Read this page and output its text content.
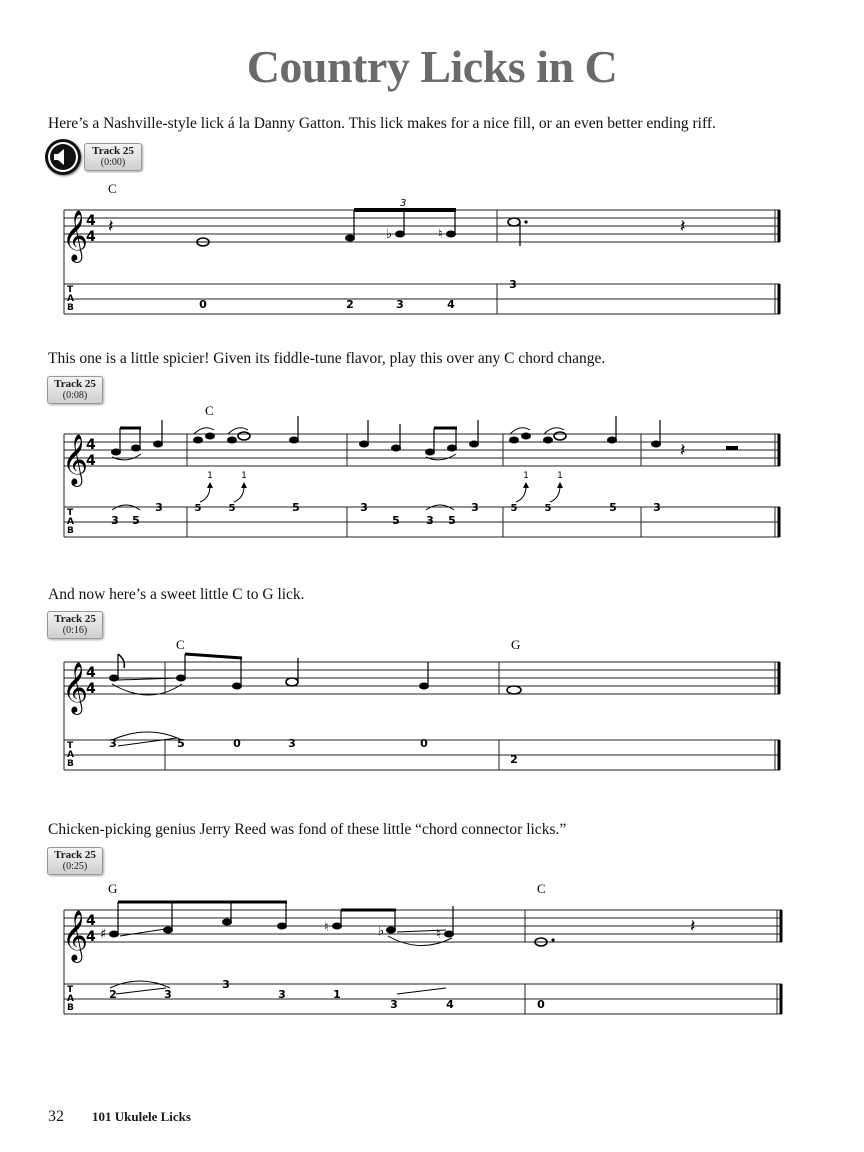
Country Licks in C

Here’s a Nashville-style lick á la Danny Gatton. This lick makes for a nice fill, or an even better ending riff.

Track 25
(0:00)
C
𝄞
4
4
T
A
B
𝄽	♭	♮
3
𝄽
0	2	3	4
3

This one is a little spicier! Given its fiddle-tune flavor, play this over any C chord change.

Track 25
(0:08)
C
𝄞
4
4
T
A
B
𝄽
1	1	1	1
3 5
3	5	5	5	3
5 3 5
3	5	5	5	3

And now here’s a sweet little C to G lick.

Track 25
(0:16)
C	G
𝄞
4
4
T
A
B
3	5	0	3	0
2

Chicken-picking genius Jerry Reed was fond of these little “chord connector licks.”

Track 25
(0:25)
G	C
𝄞
4
4
T
A
B
♯	♮	♭	♮	𝄽
2	3
3
3	1
3	4	0
32 101 Ukulele Licks
